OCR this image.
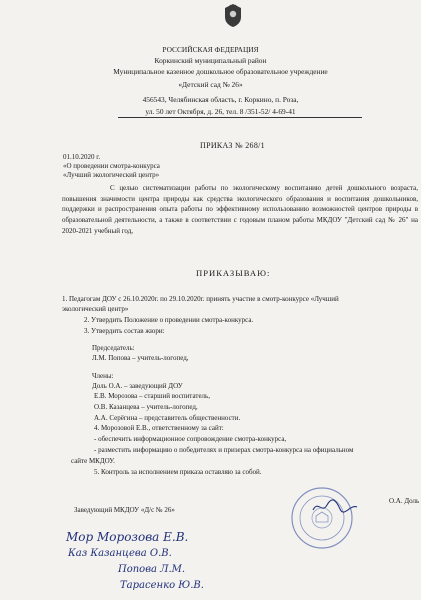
РОССИЙСКАЯ ФЕДЕРАЦИЯ
Коркинский муниципальный район
Муниципальное казенное дошкольное образовательное учреждение
«Детский сад № 26»
456543, Челябинская область, г. Коркино, п. Роза,
ул. 50 лет Октября, д. 26, тел. 8 /351-52/ 4-69-41
ПРИКАЗ № 268/1
01.10.2020 г.
«О проведении смотра-конкурса
«Лучший экологический центр»
С целью систематизации работы по экологическому воспитанию детей дошкольного возраста, повышения значимости центра природы как средства экологического образования и воспитания дошкольников, поддержки и распространения опыта работы по эффективному использованию возможностей центров природы в образовательной деятельности, а также в соответствии с годовым планом работы МКДОУ "Детский сад № 26" на 2020-2021 учебный год,
ПРИКАЗЫВАЮ:
1. Педагогам ДОУ с 26.10.2020г. по 29.10.2020г. принять участие в смотр-конкурсе «Лучший
экологический центр»
2. Утвердить Положение о проведении смотра-конкурса.
3. Утвердить состав жюри:
Председатель:
Л.М. Попова – учитель-логопед,
Члены:
Доль О.А. – заведующий ДОУ
Е.В. Морозова – старший воспитатель,
О.В. Казанцева – учитель-логопед,
А.А. Серёгина – представитель общественности.
4. Морозовой Е.В., ответственному за сайт:
- обеспечить информационное сопровождение смотра-конкурса,
- разместить информацию о победителях и призерах смотра-конкурса на официальном
сайте МКДОУ.
5. Контроль за исполнением приказа оставляю за собой.
Заведующий МКДОУ «Д/с № 26»
О.А. Доль
Мор Морозова Е.В.
Каз Казанцева О.В.
Попова Л.М.
Тарасенко Ю.В.
